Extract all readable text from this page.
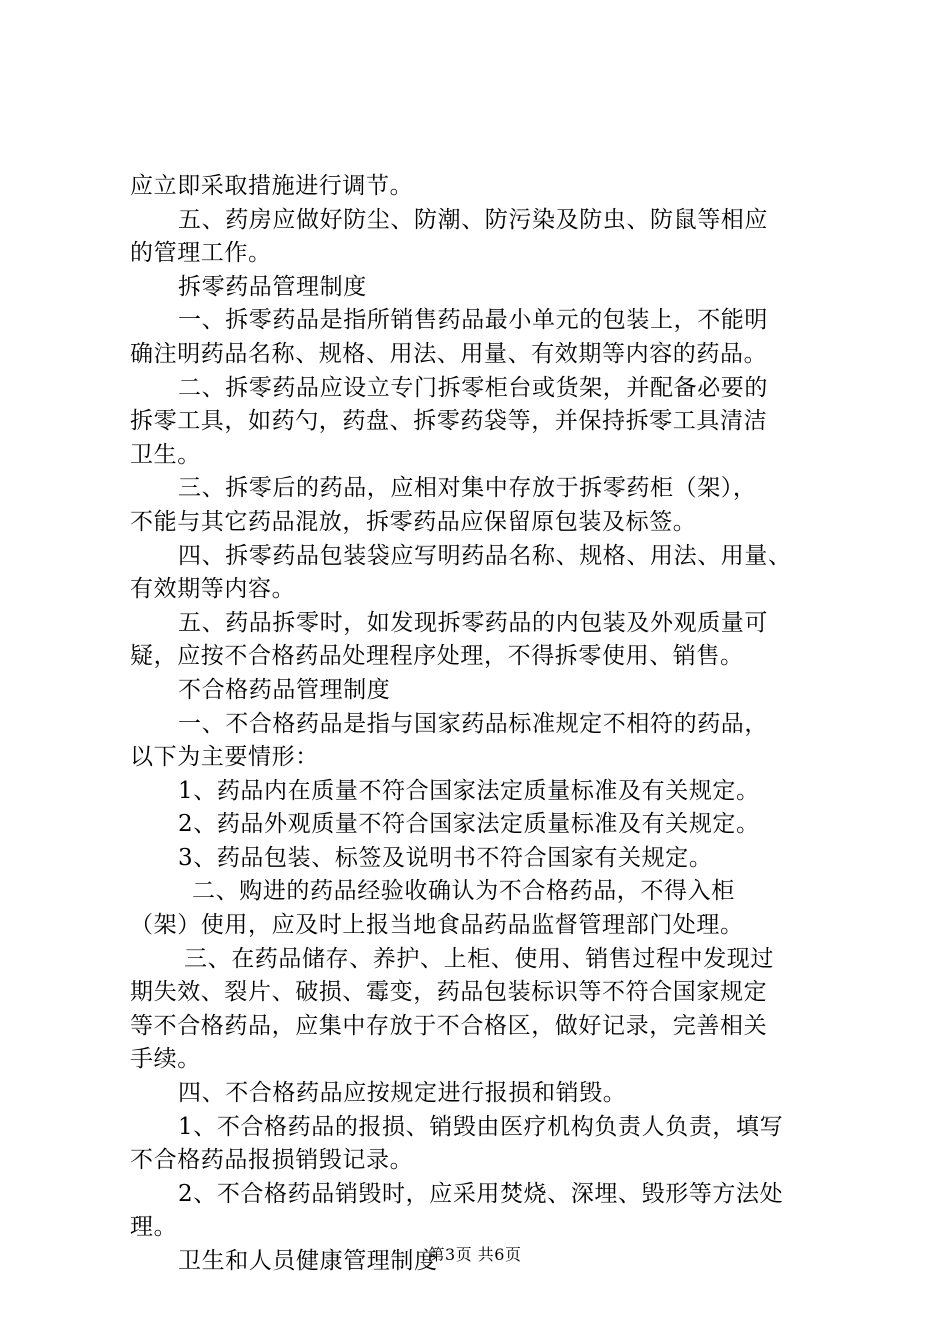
应立即采取措施进行调节。
五、药房应做好防尘、防潮、防污染及防虫、防鼠等相应
的管理工作。
拆零药品管理制度
一、拆零药品是指所销售药品最小单元的包装上，不能明
确注明药品名称、规格、用法、用量、有效期等内容的药品。
二、拆零药品应设立专门拆零柜台或货架，并配备必要的
拆零工具，如药勺，药盘、拆零药袋等，并保持拆零工具清洁
卫生。
三、拆零后的药品，应相对集中存放于拆零药柜（架），
不能与其它药品混放，拆零药品应保留原包装及标签。
四、拆零药品包装袋应写明药品名称、规格、用法、用量、
有效期等内容。
五、药品拆零时，如发现拆零药品的内包装及外观质量可
疑，应按不合格药品处理程序处理，不得拆零使用、销售。
不合格药品管理制度
一、不合格药品是指与国家药品标准规定不相符的药品，
以下为主要情形：
1、药品内在质量不符合国家法定质量标准及有关规定。
2、药品外观质量不符合国家法定质量标准及有关规定。
3、药品包装、标签及说明书不符合国家有关规定。
二、购进的药品经验收确认为不合格药品，不得入柜
（架）使用，应及时上报当地食品药品监督管理部门处理。
三、在药品储存、养护、上柜、使用、销售过程中发现过
期失效、裂片、破损、霉变，药品包装标识等不符合国家规定
等不合格药品，应集中存放于不合格区，做好记录，完善相关
手续。
四、不合格药品应按规定进行报损和销毁。
1、不合格药品的报损、销毁由医疗机构负责人负责，填写
不合格药品报损销毁记录。
2、不合格药品销毁时，应采用焚烧、深埋、毁形等方法处
理。
卫生和人员健康管理制度
第3页 共6页
